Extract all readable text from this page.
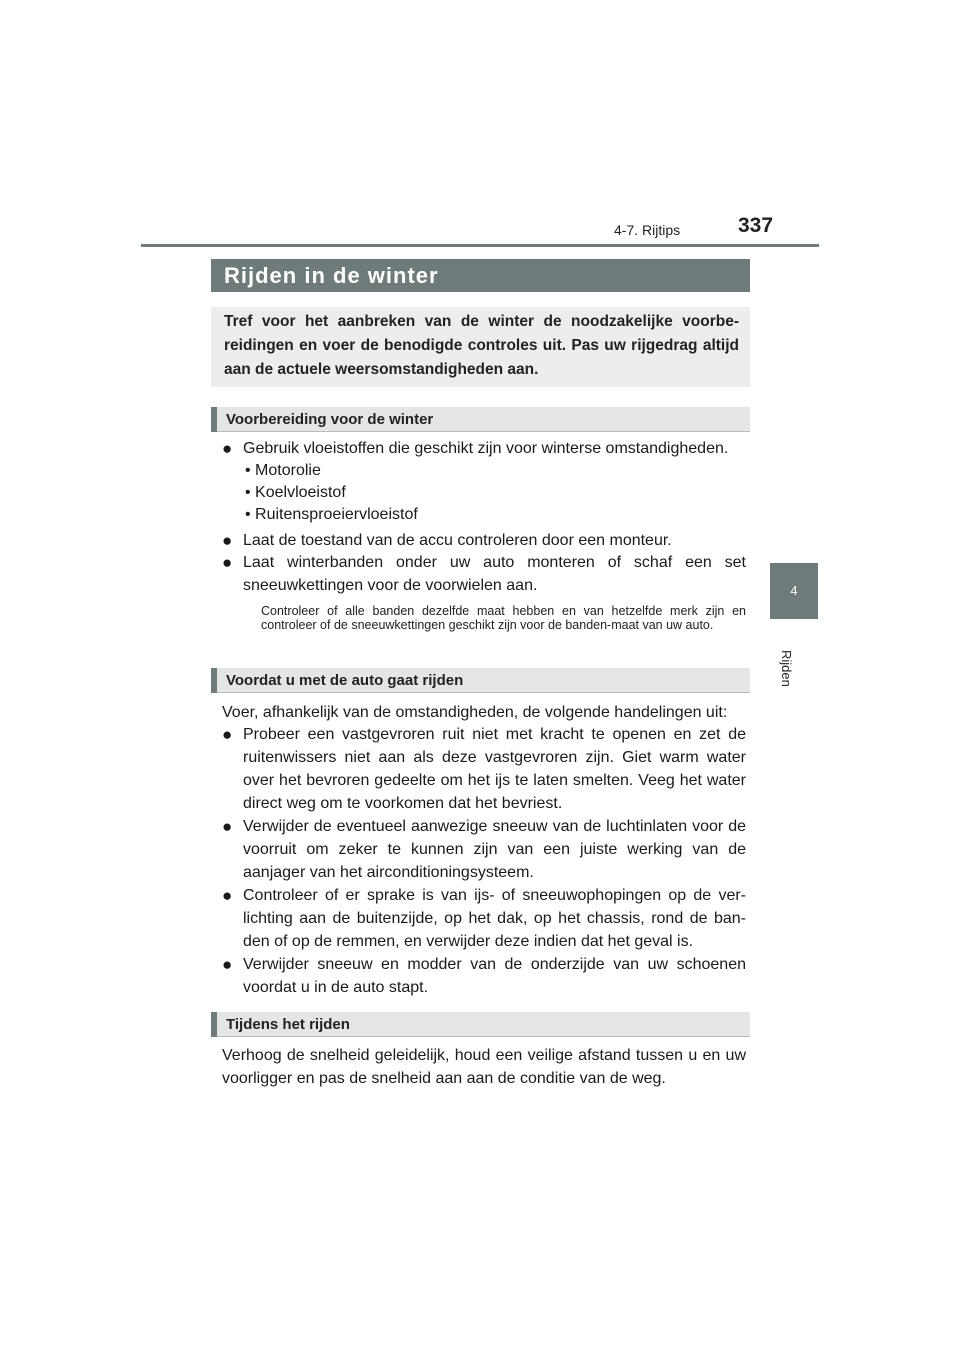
4-7. Rijtips	337
4
Rijden
Rijden in de winter
Tref voor het aanbreken van de winter de noodzakelijke voorbe-reidingen en voer de benodigde controles uit. Pas uw rijgedrag altijd aan de actuele weersomstandigheden aan.
Voorbereiding voor de winter
● Gebruik vloeistoffen die geschikt zijn voor winterse omstandigheden.
• Motorolie
• Koelvloeistof
• Ruitensproeiervloeistof
● Laat de toestand van de accu controleren door een monteur.
● Laat winterbanden onder uw auto monteren of schaf een set sneeuwkettingen voor de voorwielen aan.
Controleer of alle banden dezelfde maat hebben en van hetzelfde merk zijn en controleer of de sneeuwkettingen geschikt zijn voor de banden-maat van uw auto.
Voordat u met de auto gaat rijden
Voer, afhankelijk van de omstandigheden, de volgende handelingen uit:
● Probeer een vastgevroren ruit niet met kracht te openen en zet de ruitenwissers niet aan als deze vastgevroren zijn. Giet warm water over het bevroren gedeelte om het ijs te laten smelten. Veeg het water direct weg om te voorkomen dat het bevriest.
● Verwijder de eventueel aanwezige sneeuw van de luchtinlaten voor de voorruit om zeker te kunnen zijn van een juiste werking van de aanjager van het airconditioningsysteem.
● Controleer of er sprake is van ijs- of sneeuwophopingen op de ver-lichting aan de buitenzijde, op het dak, op het chassis, rond de ban-den of op de remmen, en verwijder deze indien dat het geval is.
● Verwijder sneeuw en modder van de onderzijde van uw schoenen voordat u in de auto stapt.
Tijdens het rijden
Verhoog de snelheid geleidelijk, houd een veilige afstand tussen u en uw voorligger en pas de snelheid aan aan de conditie van de weg.
